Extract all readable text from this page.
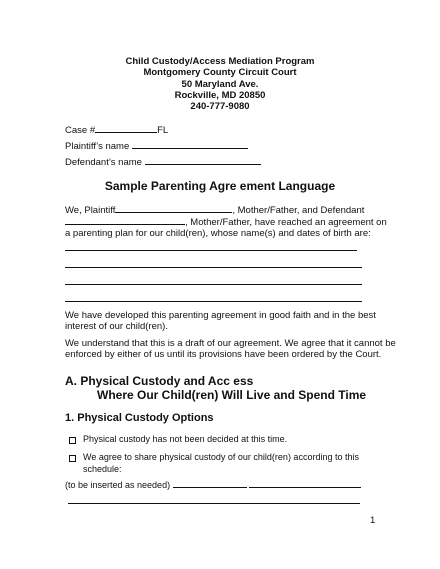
Child Custody/Access Mediation Program
Montgomery County Circuit Court
50 Maryland Ave.
Rockville, MD 20850
240-777-9080
Case #	FL
Plaintiff’s name
Defendant’s name
Sample Parenting Agre ement Language
We, Plaintiff	, Mother/Father, and Defendant
, Mother/Father, have reached an agreement on
a parenting plan for our child(ren), whose name(s) and dates of birth are:
We have developed this parenting agreement in good faith and in the best
interest of our child(ren).
We understand that this is a draft of our agreement. We agree that it cannot be
enforced by either of us until its provisions have been ordered by the Court.
A. Physical Custody and Acc ess
Where Our Child(ren) Will Live and Spend Time
1. Physical Custody Options
Physical custody has not been decided at this time.
We agree to share physical custody of our child(ren) according to this
schedule:
(to be inserted as needed)
1
